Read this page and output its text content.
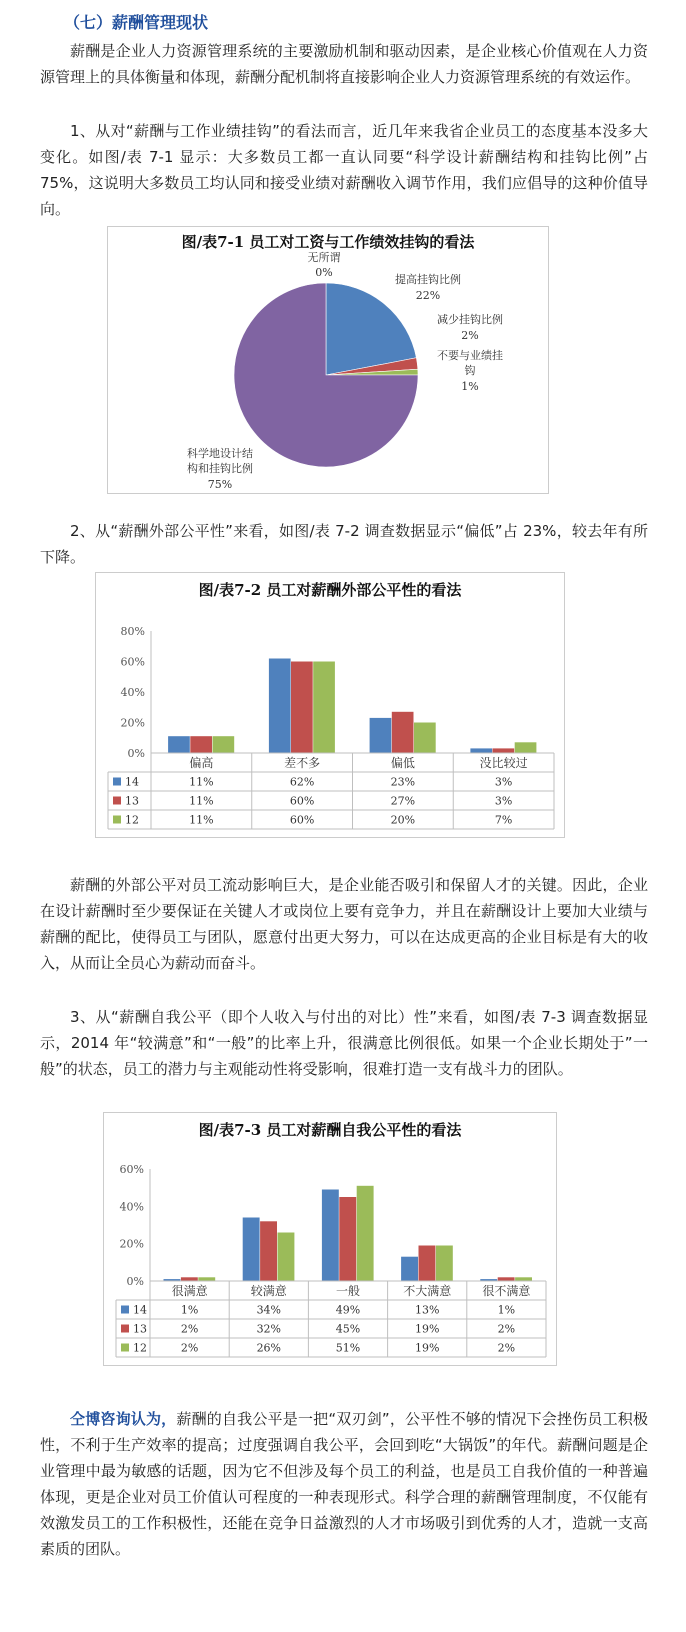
（七）薪酬管理现状

薪酬是企业人力资源管理系统的主要激励机制和驱动因素，是企业核心价值观在人力资源管理上的具体衡量和体现，薪酬分配机制将直接影响企业人力资源管理系统的有效运作。

1、从对“薪酬与工作业绩挂钩”的看法而言，近几年来我省企业员工的态度基本没多大变化。如图/表 7-1 显示：大多数员工都一直认同要“科学设计薪酬结构和挂钩比例”占 75%，这说明大多数员工均认同和接受业绩对薪酬收入调节作用，我们应倡导的这种价值导向。

图/表7-1 员工对工资与工作绩效挂钩的看法
无所谓
0%
提高挂钩比例
22%
减少挂钩比例
2%
不要与业绩挂钩
1%
科学地设计结构和挂钩比例
75%

2、从“薪酬外部公平性”来看，如图/表 7-2 调查数据显示“偏低”占 23%，较去年有所下降。

图/表7-2 员工对薪酬外部公平性的看法
0%
20%
40%
60%
80%
偏高	差不多	偏低	没比较过
14	11%	62%	23%	3%
13	11%	60%	27%	3%
12	11%	60%	20%	7%

薪酬的外部公平对员工流动影响巨大，是企业能否吸引和保留人才的关键。因此，企业在设计薪酬时至少要保证在关键人才或岗位上要有竞争力，并且在薪酬设计上要加大业绩与薪酬的配比，使得员工与团队，愿意付出更大努力，可以在达成更高的企业目标是有大的收入，从而让全员心为薪动而奋斗。

3、从“薪酬自我公平（即个人收入与付出的对比）性”来看，如图/表 7-3 调查数据显示，2014 年“较满意”和“一般”的比率上升，很满意比例很低。如果一个企业长期处于”一般”的状态，员工的潜力与主观能动性将受影响，很难打造一支有战斗力的团队。

图/表7-3 员工对薪酬自我公平性的看法
0%
20%
40%
60%
很满意	较满意	一般	不大满意	很不满意
14	1%	34%	49%	13%	1%
13	2%	32%	45%	19%	2%
12	2%	26%	51%	19%	2%

仝博咨询认为，薪酬的自我公平是一把“双刃剑”，公平性不够的情况下会挫伤员工积极性，不利于生产效率的提高；过度强调自我公平，会回到吃“大锅饭”的年代。薪酬问题是企业管理中最为敏感的话题，因为它不但涉及每个员工的利益，也是员工自我价值的一种普遍体现，更是企业对员工价值认可程度的一种表现形式。科学合理的薪酬管理制度，不仅能有效激发员工的工作积极性，还能在竞争日益激烈的人才市场吸引到优秀的人才，造就一支高素质的团队。
